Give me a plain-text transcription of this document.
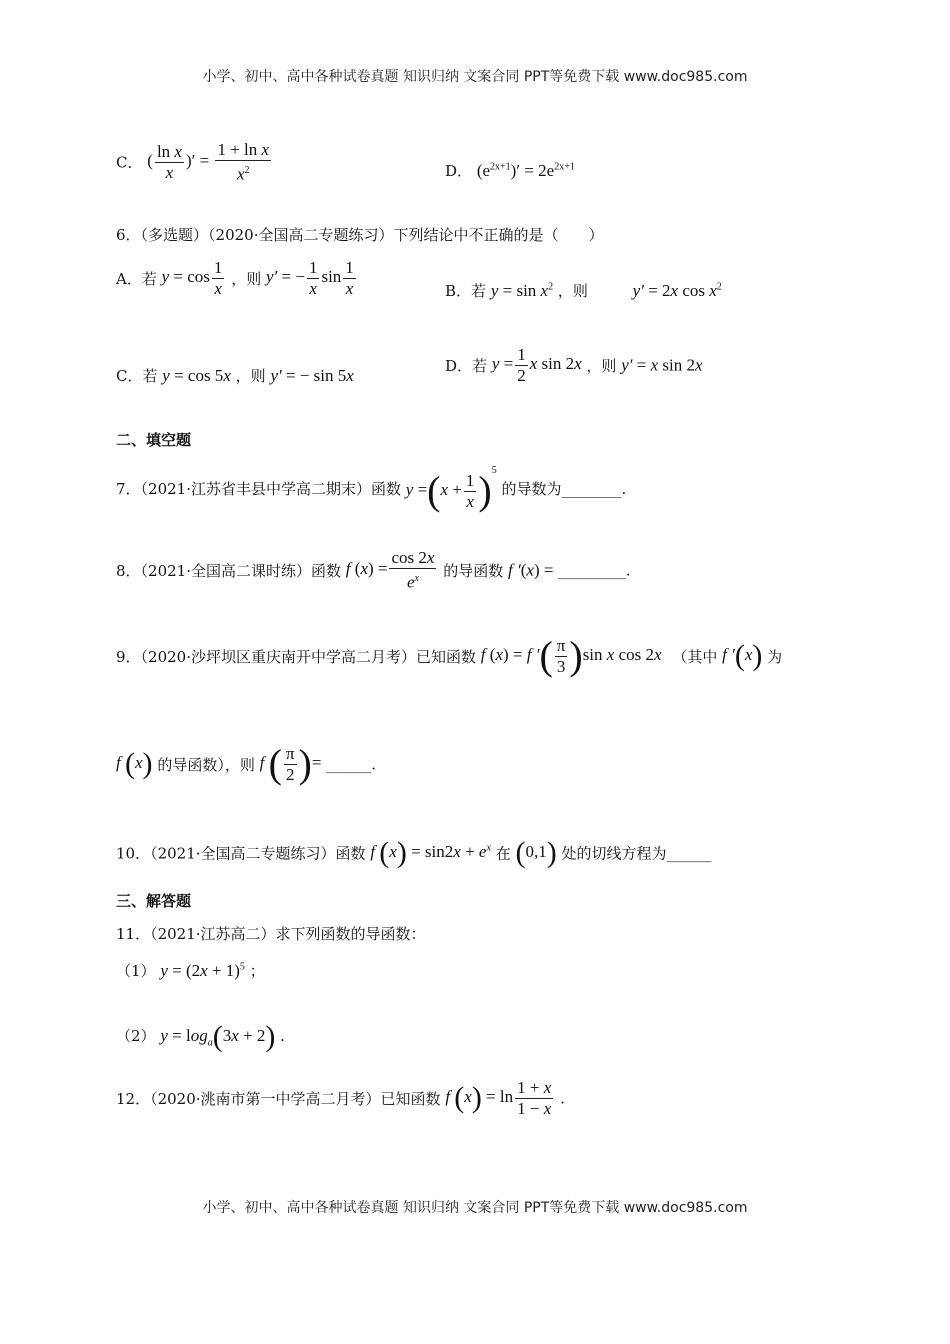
小学、初中、高中各种试卷真题 知识归纳 文案合同 PPT等免费下载 www.doc985.com
C． ( $\frac{\text{ln x}}{x}$ )′ = $\frac{\text{1 + ln x}}{x^2}$	D． $(e^{2x+1})' = 2e^{2x+1}$
6．（多选题）（2020·全国高二专题练习）下列结论中不正确的是（　　）
A．若 $y = \cos \frac{1}{x}$ ，则 y′ = − $\frac{1}{x}$ $\sin \frac{1}{x}$	B．若 $y = \sin x^2$ ，则	y′ = 2x $\cos x^2$
C．若 y = cos 5x ，则 y′ = − sin 5x
D．若 $y = \frac{1}{2}$ x sin 2x ，则 y′ = x sin 2x
二、填空题
7．（2021·江苏省丰县中学高二期末）函数 $y =(x + \frac{1}{x} )^5$ 的导数为________.
8．（2021·全国高二课时练）函数 f $(x) = \frac{\cos 2x}{e^x}$ 的导函数 f ′(x) = _________.
9．（2020·沙坪坝区重庆南开中学高二月考）已知函数 f (x) = f ′( $\frac{\pi}{3} )\sin$ x cos 2x （其中 f ′(x) 为
f (x) 的导函数），则 f ( $\frac{\pi}{2}$ )= ______.
10．（2021·全国高二专题练习）函数 f $(x) = \sin 2x + e^x$ 在 (0,1) 处的切线方程为______
三、解答题
11．（2021·江苏高二）求下列函数的导函数：
（1） $y = (2x + 1)^5$ ；
（2） $y = \log_a(3x + 2)$ .
12．（2020·洮南市第一中学高二月考）已知函数 f $(x) = \ln \frac{1 + x}{1 - x}$ .
小学、初中、高中各种试卷真题 知识归纳 文案合同 PPT等免费下载 www.doc985.com
